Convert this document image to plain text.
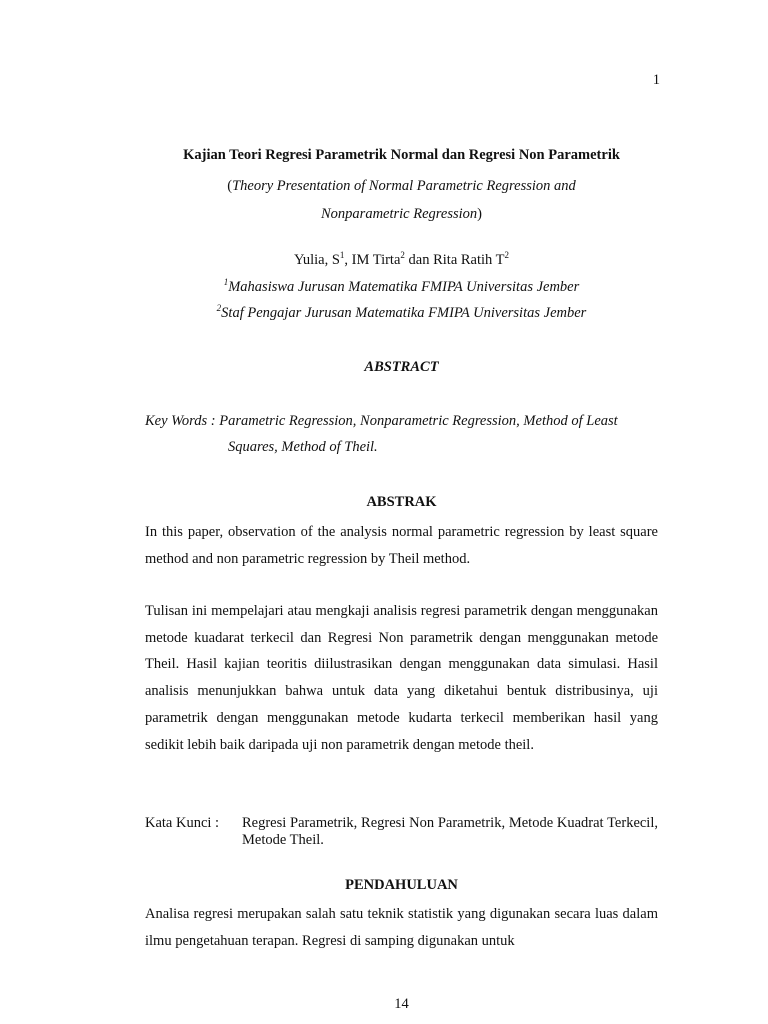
1
Kajian Teori Regresi Parametrik Normal dan Regresi Non Parametrik
(Theory Presentation of Normal Parametric Regression and
Nonparametric Regression)
Yulia, $S^1$, IM Tirta$^2$ dan Rita Ratih $T^2$
$^1$Mahasiswa Jurusan Matematika FMIPA Universitas Jember
$^2$Staf Pengajar Jurusan Matematika FMIPA Universitas Jember
ABSTRACT
Key Words : Parametric Regression, Nonparametric Regression, Method of Least
Squares, Method of Theil.
ABSTRAK
In this paper, observation of the analysis normal parametric regression by least square method and non parametric regression by Theil method.
Tulisan ini mempelajari atau mengkaji analisis regresi parametrik dengan menggunakan metode kuadarat terkecil dan Regresi Non parametrik dengan menggunakan metode Theil. Hasil kajian teoritis diilustrasikan dengan menggunakan data simulasi. Hasil analisis menunjukkan bahwa untuk data yang diketahui bentuk distribusinya, uji parametrik dengan menggunakan metode kudarta terkecil memberikan hasil yang sedikit lebih baik daripada uji non parametrik dengan metode theil.
Kata Kunci : Regresi Parametrik, Regresi Non Parametrik, Metode Kuadrat Terkecil, Metode Theil.
PENDAHULUAN
Analisa regresi merupakan salah satu teknik statistik yang digunakan secara luas dalam ilmu pengetahuan terapan. Regresi di samping digunakan untuk
14
